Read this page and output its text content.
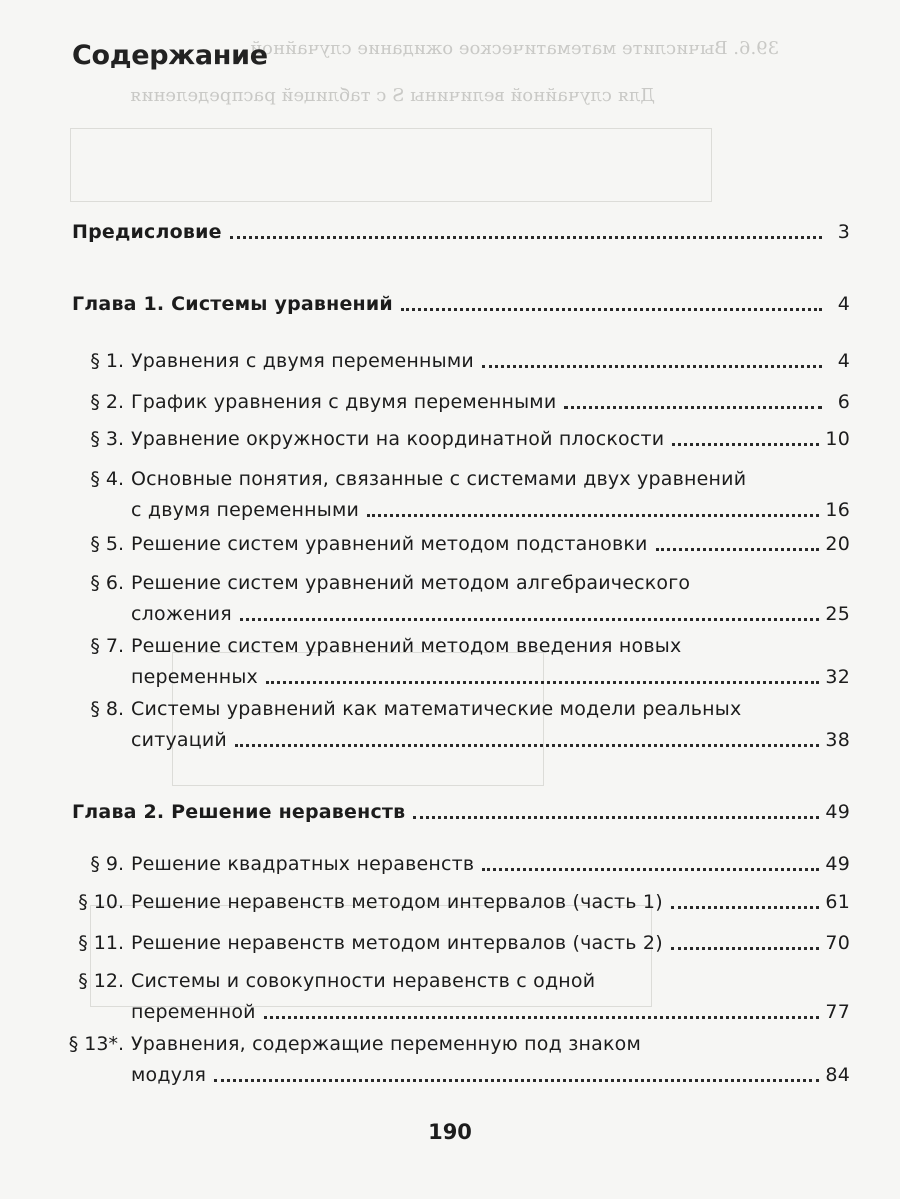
39.6. Вычислите математическое ожидание случайной
Для случайной величины S с таблицей распределения
Содержание
Предисловие	3
Глава 1. Системы уравнений	4
§ 1. Уравнения с двумя переменными	4
§ 2. График уравнения с двумя переменными	6
§ 3. Уравнение окружности на координатной плоскости	10
§ 4. Основные понятия, связанные с системами двух уравнений
с двумя переменными	16
§ 5. Решение систем уравнений методом подстановки	20
§ 6. Решение систем уравнений методом алгебраического
сложения	25
§ 7. Решение систем уравнений методом введения новых
переменных	32
§ 8. Системы уравнений как математические модели реальных
ситуаций	38
Глава 2. Решение неравенств	49
§ 9. Решение квадратных неравенств	49
§ 10. Решение неравенств методом интервалов (часть 1)	61
§ 11. Решение неравенств методом интервалов (часть 2)	70
§ 12. Системы и совокупности неравенств с одной
переменной	77
§ 13*. Уравнения, содержащие переменную под знаком
модуля	84
190
